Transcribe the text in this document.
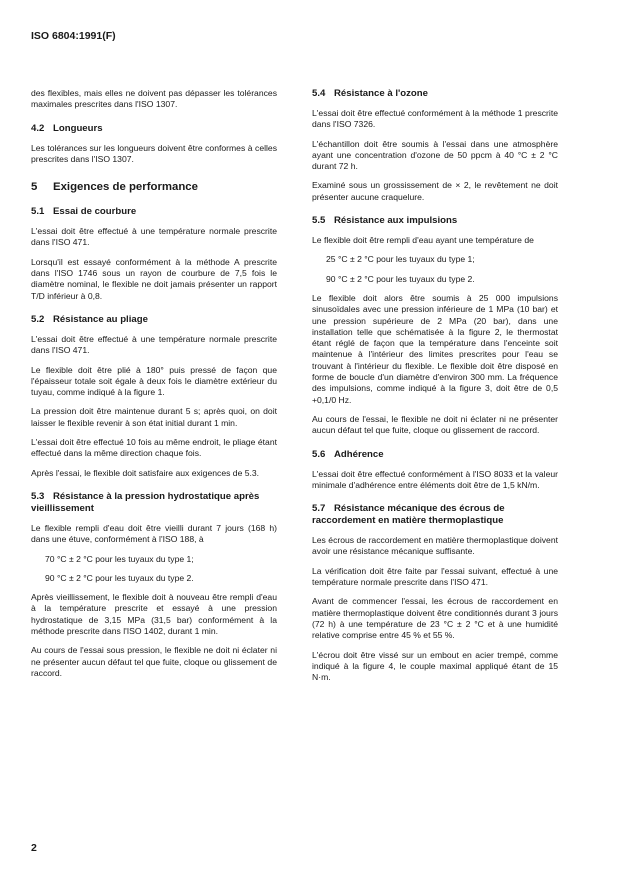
ISO 6804:1991(F)

des flexibles, mais elles ne doivent pas dépasser les tolérances maximales prescrites dans l'ISO 1307.

4.2 Longueurs

Les tolérances sur les longueurs doivent être conformes à celles prescrites dans l'ISO 1307.

5 Exigences de performance
5.1 Essai de courbure

L'essai doit être effectué à une température normale prescrite dans l'ISO 471.

Lorsqu'il est essayé conformément à la méthode A prescrite dans l'ISO 1746 sous un rayon de courbure de 7,5 fois le diamètre nominal, le flexible ne doit jamais présenter un rapport T/D inférieur à 0,8.

5.2 Résistance au pliage

L'essai doit être effectué à une température normale prescrite dans l'ISO 471.

Le flexible doit être plié à 180° puis pressé de façon que l'épaisseur totale soit égale à deux fois le diamètre extérieur du tuyau, comme indiqué à la figure 1.

La pression doit être maintenue durant 5 s; après quoi, on doit laisser le flexible revenir à son état initial durant 1 min.

L'essai doit être effectué 10 fois au même endroit, le pliage étant effectué dans la même direction chaque fois.

Après l'essai, le flexible doit satisfaire aux exigences de 5.3.

5.3 Résistance à la pression hydrostatique après vieillissement

Le flexible rempli d'eau doit être vieilli durant 7 jours (168 h) dans une étuve, conformément à l'ISO 188, à

70 °C ± 2 °C pour les tuyaux du type 1;

90 °C ± 2 °C pour les tuyaux du type 2.

Après vieillissement, le flexible doit à nouveau être rempli d'eau à la température prescrite et essayé à une pression hydrostatique de 3,15 MPa (31,5 bar) conformément à la méthode prescrite dans l'ISO 1402, durant 1 min.

Au cours de l'essai sous pression, le flexible ne doit ni éclater ni ne présenter aucun défaut tel que fuite, cloque ou glissement de raccord.

5.4 Résistance à l'ozone

L'essai doit être effectué conformément à la méthode 1 prescrite dans l'ISO 7326.

L'échantillon doit être soumis à l'essai dans une atmosphère ayant une concentration d'ozone de 50 ppcm à 40 °C ± 2 °C durant 72 h.

Examiné sous un grossissement de × 2, le revêtement ne doit présenter aucune craquelure.

5.5 Résistance aux impulsions

Le flexible doit être rempli d'eau ayant une température de

25 °C ± 2 °C pour les tuyaux du type 1;

90 °C ± 2 °C pour les tuyaux du type 2.

Le flexible doit alors être soumis à 25 000 impulsions sinusoïdales avec une pression inférieure de 1 MPa (10 bar) et une pression supérieure de 2 MPa (20 bar), dans une installation telle que schématisée à la figure 2, le thermostat étant réglé de façon que la température dans l'enceinte soit maintenue à l'intérieur des limites prescrites pour l'eau se trouvant à l'intérieur du flexible. Le flexible doit être disposé en forme de boucle d'un diamètre d'environ 300 mm. La fréquence des impulsions, comme indiqué à la figure 3, doit être de 0,5 +0,1/0 Hz.

Au cours de l'essai, le flexible ne doit ni éclater ni ne présenter aucun défaut tel que fuite, cloque ou glissement de raccord.

5.6 Adhérence

L'essai doit être effectué conformément à l'ISO 8033 et la valeur minimale d'adhérence entre éléments doit être de 1,5 kN/m.

5.7 Résistance mécanique des écrous de raccordement en matière thermoplastique

Les écrous de raccordement en matière thermoplastique doivent avoir une résistance mécanique suffisante.

La vérification doit être faite par l'essai suivant, effectué à une température normale prescrite dans l'ISO 471.

Avant de commencer l'essai, les écrous de raccordement en matière thermoplastique doivent être conditionnés durant 3 jours (72 h) à une température de 23 °C ± 2 °C et à une humidité relative comprise entre 45 % et 55 %.

L'écrou doit être vissé sur un embout en acier trempé, comme indiqué à la figure 4, le couple maximal appliqué étant de 15 N·m.

2
